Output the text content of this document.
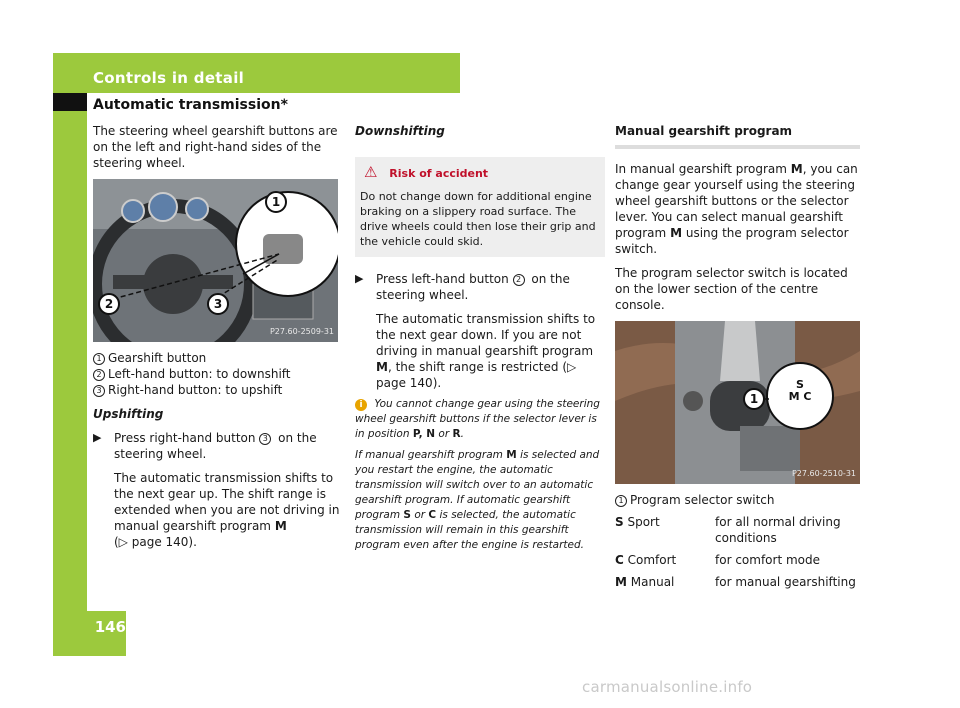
Controls in detail
Automatic transmission*
146

The steering wheel gearshift buttons are on the left and right-hand sides of the steering wheel.

1
2	3
P27.60-2509-31
1 Gearshift button
2 Left-hand button: to downshift
3 Right-hand button: to upshift
Upshifting
▶ Press right-hand button 3 on the steering wheel.
The automatic transmission shifts to the next gear up. The shift range is extended when you are not driving in manual gearshift program M
(▷ page 140).
Downshifting
⚠ Risk of accident
Do not change down for additional engine braking on a slippery road surface. The drive wheels could then lose their grip and the vehicle could skid.
▶ Press left-hand button 2 on the steering wheel.
The automatic transmission shifts to the next gear down. If you are not driving in manual gearshift program M, the shift range is restricted (▷ page 140).
i You cannot change gear using the steering wheel gearshift buttons if the selector lever is in position P, N or R.
If manual gearshift program M is selected and you restart the engine, the automatic transmission will switch over to an automatic gearshift program. If automatic gearshift program S or C is selected, the automatic transmission will remain in this gearshift program even after the engine is restarted.
Manual gearshift program

In manual gearshift program M, you can change gear yourself using the steering wheel gearshift buttons or the selector lever. You can select manual gearshift program M using the program selector switch.

The program selector switch is located on the lower section of the centre console.

S
M C
1
P27.60-2510-31
1 Program selector switch
S Sport	for all normal driving conditions
C Comfort	for comfort mode
M Manual	for manual gearshifting
carmanualsonline.info
